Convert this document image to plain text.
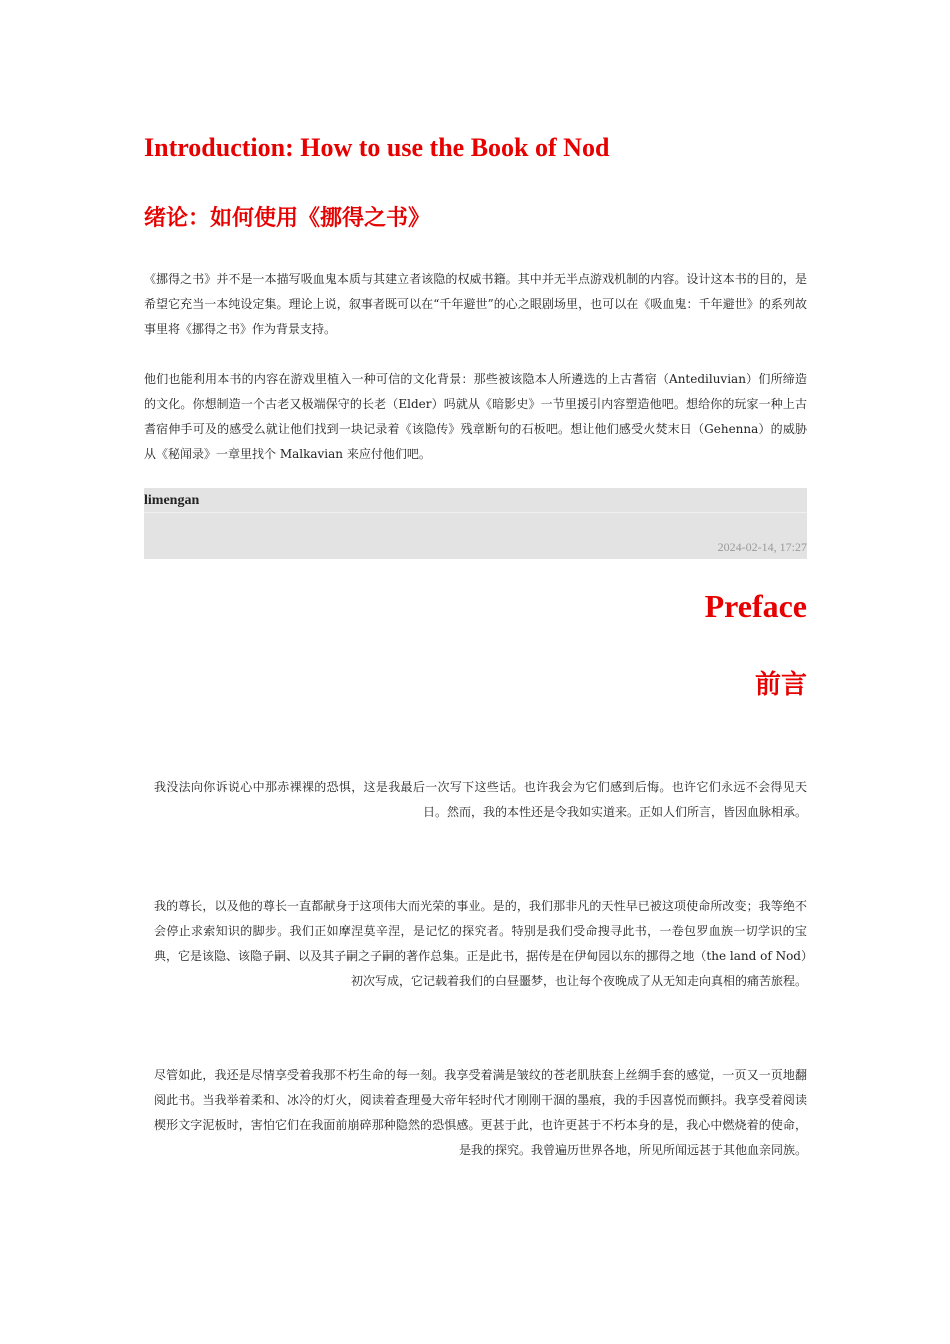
Introduction: How to use the Book of Nod
绪论：如何使用《挪得之书》

《挪得之书》并不是一本描写吸血鬼本质与其建立者该隐的权威书籍。其中并无半点游戏机制的内容。设计这本书的目的，是希望它充当一本纯设定集。理论上说，叙事者既可以在“千年避世”的心之眼剧场里，也可以在《吸血鬼：千年避世》的系列故事里将《挪得之书》作为背景支持。

他们也能利用本书的内容在游戏里植入一种可信的文化背景：那些被该隐本人所遴选的上古耆宿（Antediluvian）们所缔造的文化。你想制造一个古老又极端保守的长老（Elder）吗就从《暗影史》一节里援引内容塑造他吧。想给你的玩家一种上古耆宿伸手可及的感受么就让他们找到一块记录着《该隐传》残章断句的石板吧。想让他们感受火焚末日（Gehenna）的威胁从《秘闻录》一章里找个 Malkavian 来应付他们吧。

limengan
2024-02-14, 17:27
Preface
前言

我没法向你诉说心中那赤裸裸的恐惧，这是我最后一次写下这些话。也许我会为它们感到后悔。也许它们永远不会得见天日。然而，我的本性还是令我如实道来。正如人们所言，皆因血脉相承。

我的尊长，以及他的尊长一直都献身于这项伟大而光荣的事业。是的，我们那非凡的天性早已被这项使命所改变；我等绝不会停止求索知识的脚步。我们正如摩涅莫辛涅，是记忆的探究者。特别是我们受命搜寻此书，一卷包罗血族一切学识的宝典，它是该隐、该隐子嗣、以及其子嗣之子嗣的著作总集。正是此书，据传是在伊甸园以东的挪得之地（the land of Nod）初次写成，它记载着我们的白昼噩梦，也让每个夜晚成了从无知走向真相的痛苦旅程。

尽管如此，我还是尽情享受着我那不朽生命的每一刻。我享受着满是皱纹的苍老肌肤套上丝绸手套的感觉，一页又一页地翻阅此书。当我举着柔和、冰冷的灯火，阅读着查理曼大帝年轻时代才刚刚干涸的墨痕，我的手因喜悦而颤抖。我享受着阅读楔形文字泥板时，害怕它们在我面前崩碎那种隐然的恐惧感。更甚于此，也许更甚于不朽本身的是，我心中燃烧着的使命，是我的探究。我曾遍历世界各地，所见所闻远甚于其他血亲同族。
